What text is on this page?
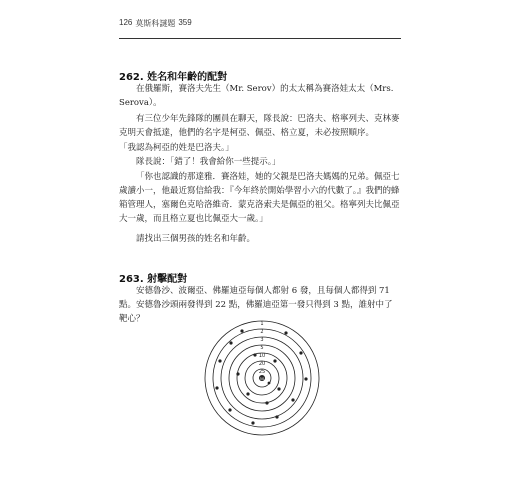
126 莫斯科謎題 359
262. 姓名和年齡的配對

在俄羅斯，賽洛夫先生（Mr. Serov）的太太稱為賽洛娃太太（Mrs. Serova）。

有三位少年先鋒隊的團員在聊天，隊長說：巴洛夫、格寧列夫、克林麥克明天會抵達，他們的名字是柯亞、佩亞、格立夏，未必按照順序。

「我認為柯亞的姓是巴洛夫。」

隊長說：「錯了！我會給你一些提示。」

「你也認識的那達雅．賽洛娃，她的父親是巴洛夫媽媽的兄弟。佩亞七歲讀小一，他最近寫信給我：『今年終於開始學習小六的代數了。』我們的蜂箱管理人，塞爾色克哈洛維奇．蒙克洛索夫是佩亞的祖父。格寧列夫比佩亞大一歲，而且格立夏也比佩亞大一歲。」

請找出三個男孩的姓名和年齡。

263. 射擊配對

安德魯沙、波爾亞、佛羅迪亞每個人都射 6 發，且每個人都得到 71 點。安德魯沙頭兩發得到 22 點，佛羅迪亞第一發只得到 3 點，誰射中了靶心？	1
2
3
5
10
20
25
50
